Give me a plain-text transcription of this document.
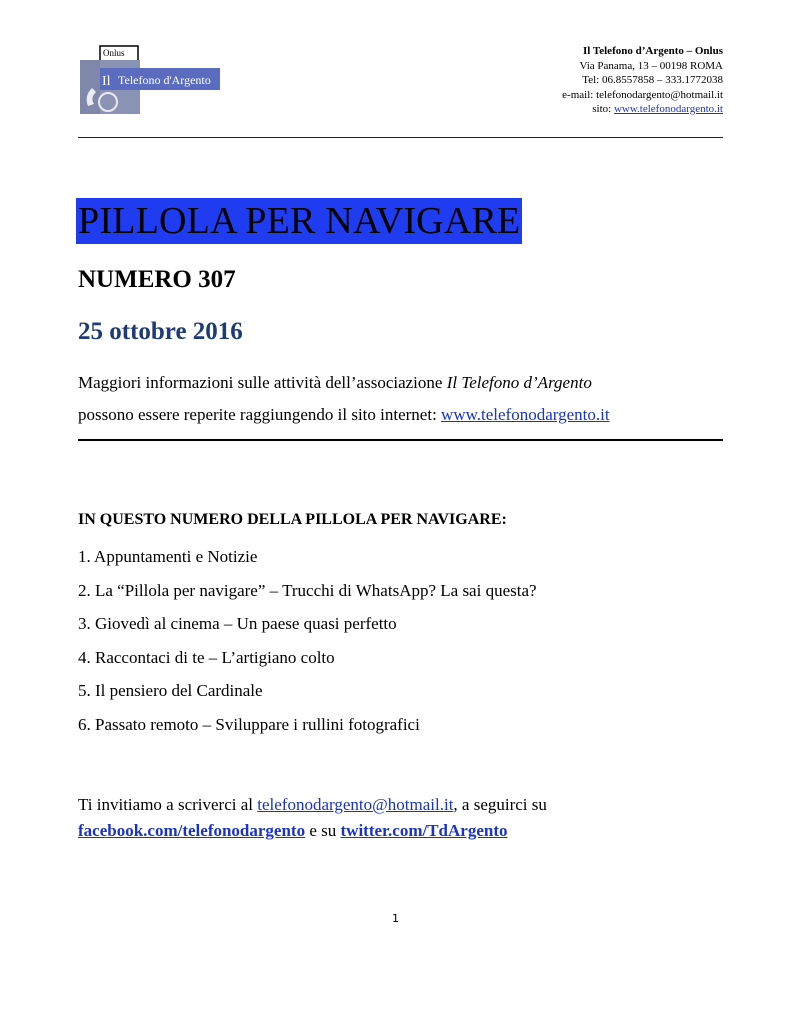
Onlus
Il Telefono d'Argento
Il Telefono d’Argento – Onlus
Via Panama, 13 – 00198 ROMA
Tel: 06.8557858 – 333.1772038
e-mail: telefonodargento@hotmail.it
sito: www.telefonodargento.it
PILLOLA PER NAVIGARE
NUMERO 307
25 ottobre 2016
Maggiori informazioni sulle attività dell’associazione Il Telefono d’Argento
possono essere reperite raggiungendo il sito internet: www.telefonodargento.it
IN QUESTO NUMERO DELLA PILLOLA PER NAVIGARE:
1. Appuntamenti e Notizie
2. La “Pillola per navigare” – Trucchi di WhatsApp? La sai questa?
3. Giovedì al cinema – Un paese quasi perfetto
4. Raccontaci di te – L’artigiano colto
5. Il pensiero del Cardinale
6. Passato remoto – Sviluppare i rullini fotografici
Ti invitiamo a scriverci al telefonodargento@hotmail.it, a seguirci su
facebook.com/telefonodargento e su twitter.com/TdArgento
1
